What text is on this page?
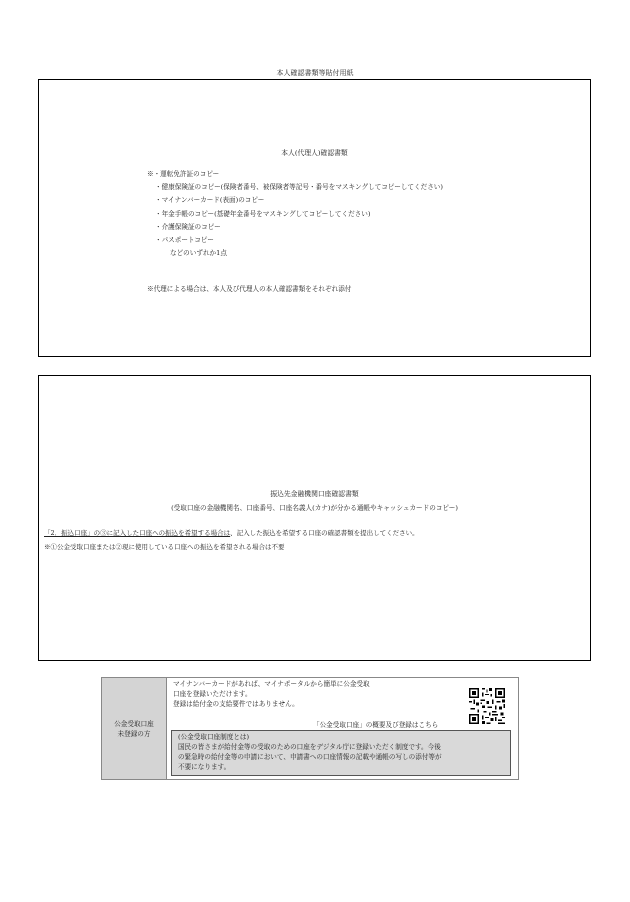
本人確認書類等貼付用紙
本人(代理人)確認書類
※・運転免許証のコピー
・健康保険証のコピー(保険者番号、被保険者等記号・番号をマスキングしてコピーしてください)
・マイナンバーカード(表面)のコピー
・年金手帳のコピー(基礎年金番号をマスキングしてコピーしてください)
・介護保険証のコピー
・パスポートコピー
などのいずれか1点
※代理による場合は、本人及び代理人の本人確認書類をそれぞれ添付
振込先金融機関口座確認書類
(受取口座の金融機関名、口座番号、口座名義人(カナ)が分かる通帳やキャッシュカードのコピー)
「2．振込口座」の③に記入した口座への振込を希望する場合は、記入した振込を希望する口座の確認書類を提出してください。
※①公金受取口座または②現に使用している口座への振込を希望される場合は不要
公金受取口座
未登録の方
マイナンバーカードがあれば、マイナポータルから簡単に公金受取
口座を登録いただけます。
登録は給付金の支給要件ではありません。
「公金受取口座」の概要及び登録はこちら
(公金受取口座制度とは)
国民の皆さまが給付金等の受取のための口座をデジタル庁に登録いただく制度です。今後
の緊急時の給付金等の申請において、申請書への口座情報の記載や通帳の写しの添付等が
不要になります。
